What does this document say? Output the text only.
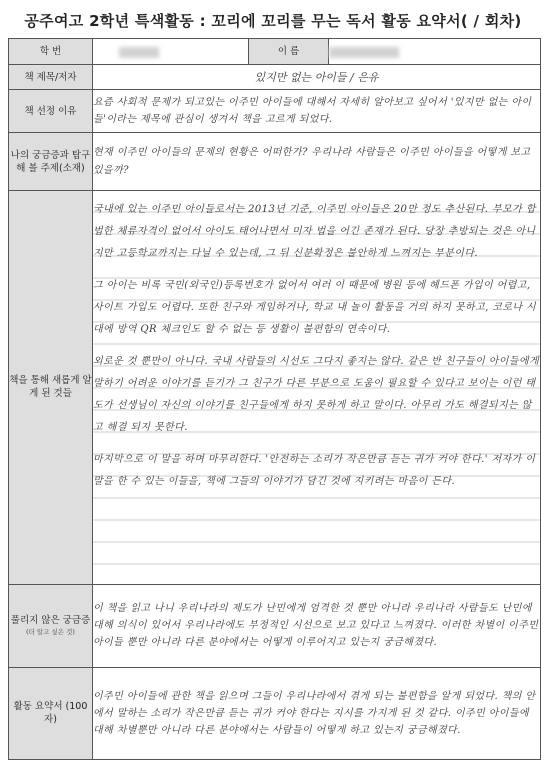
공주여고 2학년 특색활동 : 꼬리에 꼬리를 무는 독서 활동 요약서( / 회차)
학 번		이 름	
책 제목/저자	있지만 없는 아이들 / 은유		
책 선정 이유	요즘 사회적 문제가 되고있는 이주민 아이들에 대해서 자세히 알아보고 싶어서 '있지만 없는 아이들'이라는 제목에 관심이 생겨서 책을 고르게 되었다.		
나의 궁금증과 탐구해 볼 주제(소재)	현재 이주민 아이들의 문제의 현황은 어떠한가? 우리나라 사람들은 이주민 아이들을 어떻게 보고 있을까?		
책을 통해 새롭게 알게 된 것들	국내에 있는 이주민 아이들로서는 2013년 기준, 이주민 아이들은 20만 정도 추산된다. 부모가 합법한 체류자격이 없어서 아이도 태어나면서 미자 법을 어긴 존재가 된다. 당장 추방되는 것은 아니지만 고등학교까지는 다닐 수 있는데, 그 뒤 신분확정은 불안하게 느껴지는 부분이다.

그 아이는 비록 국민(외국인)등록번호가 없어서 여러 이 때문에 병원 등에 헤드폰 가입이 어렵고, 사이트 가입도 어렵다. 또한 친구와 게임하거나, 학교 내 놀이 활동을 거의 하지 못하고, 코로나 시대에 방역 QR 체크인도 할 수 없는 등 생활이 불편함의 연속이다.

외로운 것 뿐만이 아니다. 국내 사람들의 시선도 그다지 좋지는 않다. 같은 반 친구들이 아이들에게 말하기 어려운 이야기를 듣기가 그 친구가 다른 부분으로 도움이 필요할 수 있다고 보이는 이런 태도가 선생님이 자신의 이야기를 친구들에게 하지 못하게 하고 말이다. 아무리 가도 해결되지는 않고 해결 되지 못한다.

마지막으로 이 말을 하며 마무리한다. '안전하는 소리가 작은만큼 듣는 귀가 커야 한다.' 저자가 이 말을 한 수 있는 이들을, 책에 그들의 이야기가 담긴 것에 지키려는 마음이 든다.		

풀리지 않은 궁금증
(더 알고 싶은 것)	이 책을 읽고 나니 우리나라의 제도가 난민에게 엄격한 것 뿐만 아니라 우리나라 사람들도 난민에 대해 의식이 있어서 우리나라에도 부정적인 시선으로 보고 있다고 느껴졌다. 이러한 차별이 이주민 아이들 뿐만 아니라 다른 분야에서는 어떻게 이루어지고 있는지 궁금해졌다.		
활동 요약서 (100자)	이주민 아이들에 관한 책을 읽으며 그들이 우리나라에서 겪게 되는 불편함을 알게 되었다. 책의 안에서 말하는 소리가 작은만큼 듣는 귀가 커야 한다는 지시를 가지게 된 것 같다. 이주민 아이들에 대해 차별뿐만 아니라 다른 분야에서는 사람들이 어떻게 하고 있는지 궁금해졌다.		
